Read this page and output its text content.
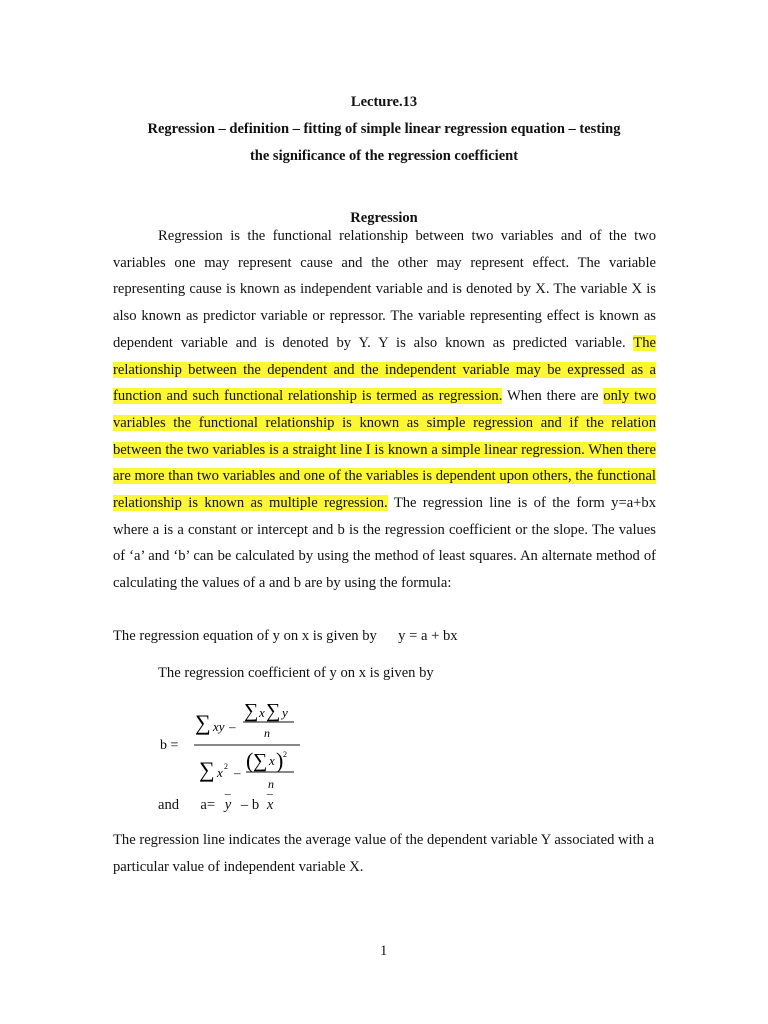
Lecture.13
Regression – definition – fitting of simple linear regression equation – testing
the significance of the regression coefficient
Regression
Regression is the functional relationship between two variables and of the two variables one may represent cause and the other may represent effect. The variable representing cause is known as independent variable and is denoted by X. The variable X is also known as predictor variable or repressor. The variable representing effect is known as dependent variable and is denoted by Y. Y is also known as predicted variable. The relationship between the dependent and the independent variable may be expressed as a function and such functional relationship is termed as regression. When there are only two variables the functional relationship is known as simple regression and if the relation between the two variables is a straight line I is known a simple linear regression. When there are more than two variables and one of the variables is dependent upon others, the functional relationship is known as multiple regression. The regression line is of the form y=a+bx where a is a constant or intercept and b is the regression coefficient or the slope. The values of ‘a’ and ‘b’ can be calculated by using the method of least squares. An alternate method of calculating the values of a and b are by using the formula:
The regression equation of y on x is given by y = a + bx
The regression coefficient of y on x is given by
b =
∑ xy –
∑ x ∑ y
n
∑ x 2 – ( ∑ x ) 2
n
and a=
–
y – b
–
x
The regression line indicates the average value of the dependent variable Y associated with a particular value of independent variable X.
1
